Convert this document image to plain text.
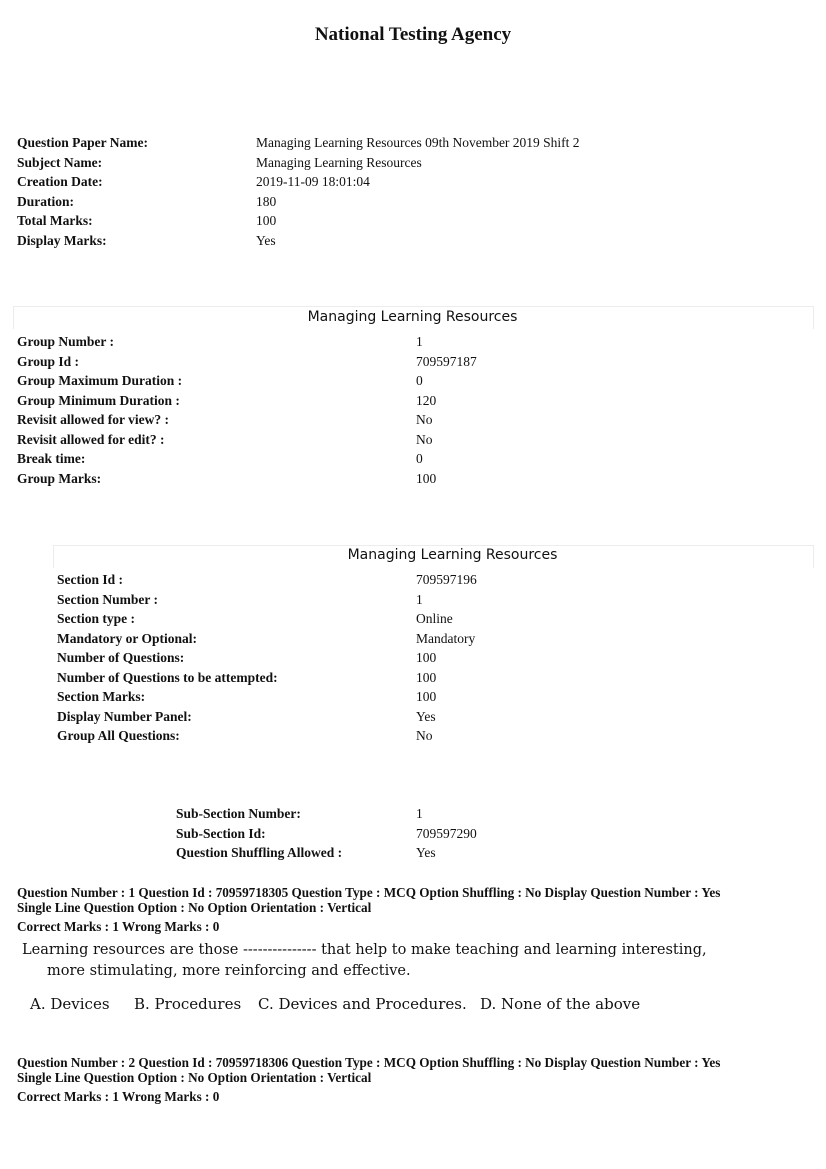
National Testing Agency
Question Paper Name:	Managing Learning Resources 09th November 2019 Shift 2
Subject Name:	Managing Learning Resources
Creation Date:	2019-11-09 18:01:04
Duration:	180
Total Marks:	100
Display Marks:	Yes
Managing Learning Resources
Group Number :	1
Group Id :	709597187
Group Maximum Duration :	0
Group Minimum Duration :	120
Revisit allowed for view? :	No
Revisit allowed for edit? :	No
Break time:	0
Group Marks:	100
Managing Learning Resources
Section Id :	709597196
Section Number :	1
Section type :	Online
Mandatory or Optional:	Mandatory
Number of Questions:	100
Number of Questions to be attempted:	100
Section Marks:	100
Display Number Panel:	Yes
Group All Questions:	No
Sub-Section Number:	1
Sub-Section Id:	709597290
Question Shuffling Allowed :	Yes
Question Number : 1 Question Id : 70959718305 Question Type : MCQ Option Shuffling : No Display Question Number : Yes
Single Line Question Option : No Option Orientation : Vertical
Correct Marks : 1 Wrong Marks : 0
Learning resources are those --------------- that help to make teaching and learning interesting,
more stimulating, more reinforcing and effective.
A. Devices B. Procedures C. Devices and Procedures. D. None of the above
Question Number : 2 Question Id : 70959718306 Question Type : MCQ Option Shuffling : No Display Question Number : Yes
Single Line Question Option : No Option Orientation : Vertical
Correct Marks : 1 Wrong Marks : 0
